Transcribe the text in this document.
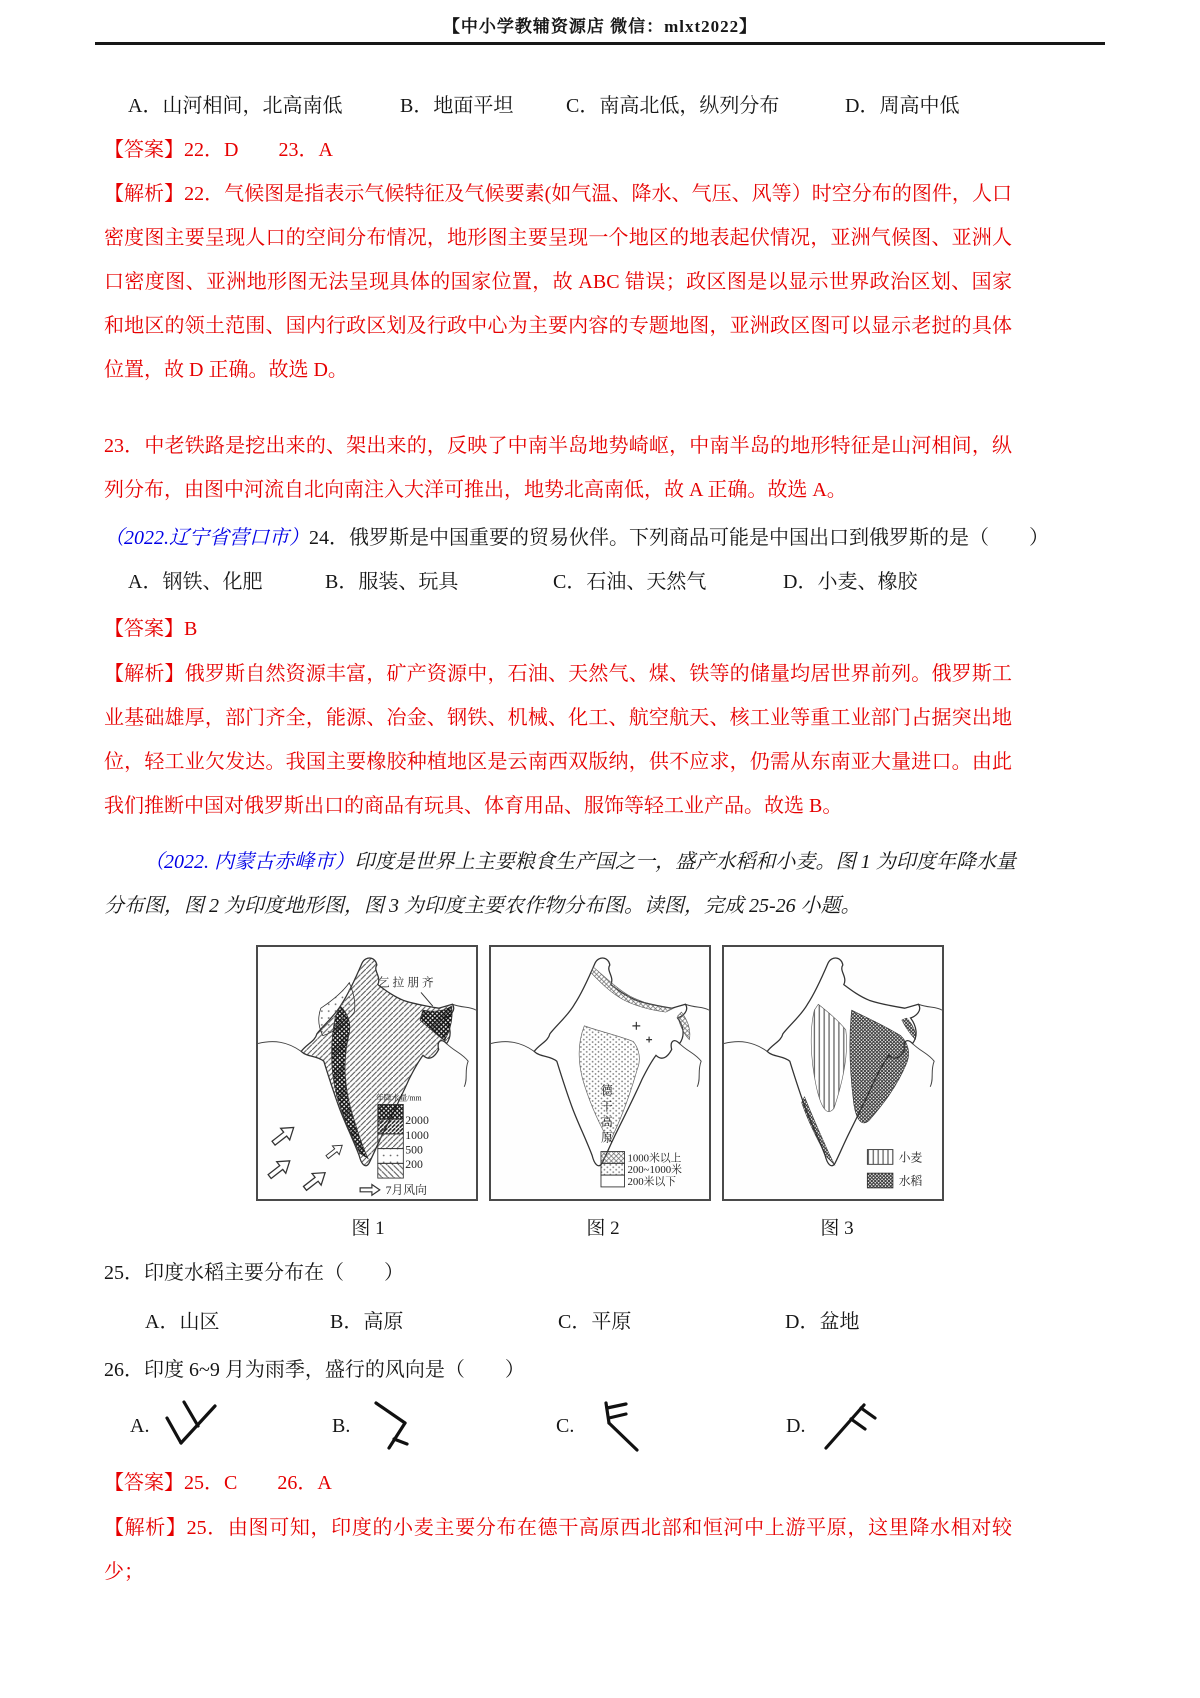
【中小学教辅资源店 微信：mlxt2022】
A．山河相间，北高南低	B．地面平坦	C．南高北低，纵列分布	D．周高中低
【答案】22．D　　23．A
【解析】22．气候图是指表示气候特征及气候要素(如气温、降水、气压、风等）时空分布的图件，人口密度图主要呈现人口的空间分布情况，地形图主要呈现一个地区的地表起伏情况，亚洲气候图、亚洲人口密度图、亚洲地形图无法呈现具体的国家位置，故 ABC 错误；政区图是以显示世界政治区划、国家和地区的领土范围、国内行政区划及行政中心为主要内容的专题地图，亚洲政区图可以显示老挝的具体位置，故 D 正确。故选 D。
23．中老铁路是挖出来的、架出来的，反映了中南半岛地势崎岖，中南半岛的地形特征是山河相间，纵列分布，由图中河流自北向南注入大洋可推出，地势北高南低，故 A 正确。故选 A。
（2022.辽宁省营口市）24．俄罗斯是中国重要的贸易伙伴。下列商品可能是中国出口到俄罗斯的是（　　）
A．钢铁、化肥	B．服装、玩具	C．石油、天然气	D．小麦、橡胶
【答案】B
【解析】俄罗斯自然资源丰富，矿产资源中，石油、天然气、煤、铁等的储量均居世界前列。俄罗斯工业基础雄厚，部门齐全，能源、冶金、钢铁、机械、化工、航空航天、核工业等重工业部门占据突出地位，轻工业欠发达。我国主要橡胶种植地区是云南西双版纳，供不应求，仍需从东南亚大量进口。由此我们推断中国对俄罗斯出口的商品有玩具、体育用品、服饰等轻工业产品。故选 B。
（2022. 内蒙古赤峰市）印度是世界上主要粮食生产国之一，盛产水稻和小麦。图 1 为印度年降水量分布图，图 2 为印度地形图，图 3 为印度主要农作物分布图。读图，完成 25-26 小题。
乞拉朋齐
年降水量/mm
2000
1000
500
200
7月风向
德
干
高
原
1000米以上
200~1000米
200米以下
小麦
水稻
图 1	图 2	图 3
25．印度水稻主要分布在（　　）
A．山区	B．高原	C．平原	D．盆地
26．印度 6~9 月为雨季，盛行的风向是（　　）
A.	B.	C.	D.
【答案】25．C　　26．A
【解析】25．由图可知，印度的小麦主要分布在德干高原西北部和恒河中上游平原，这里降水相对较少；
